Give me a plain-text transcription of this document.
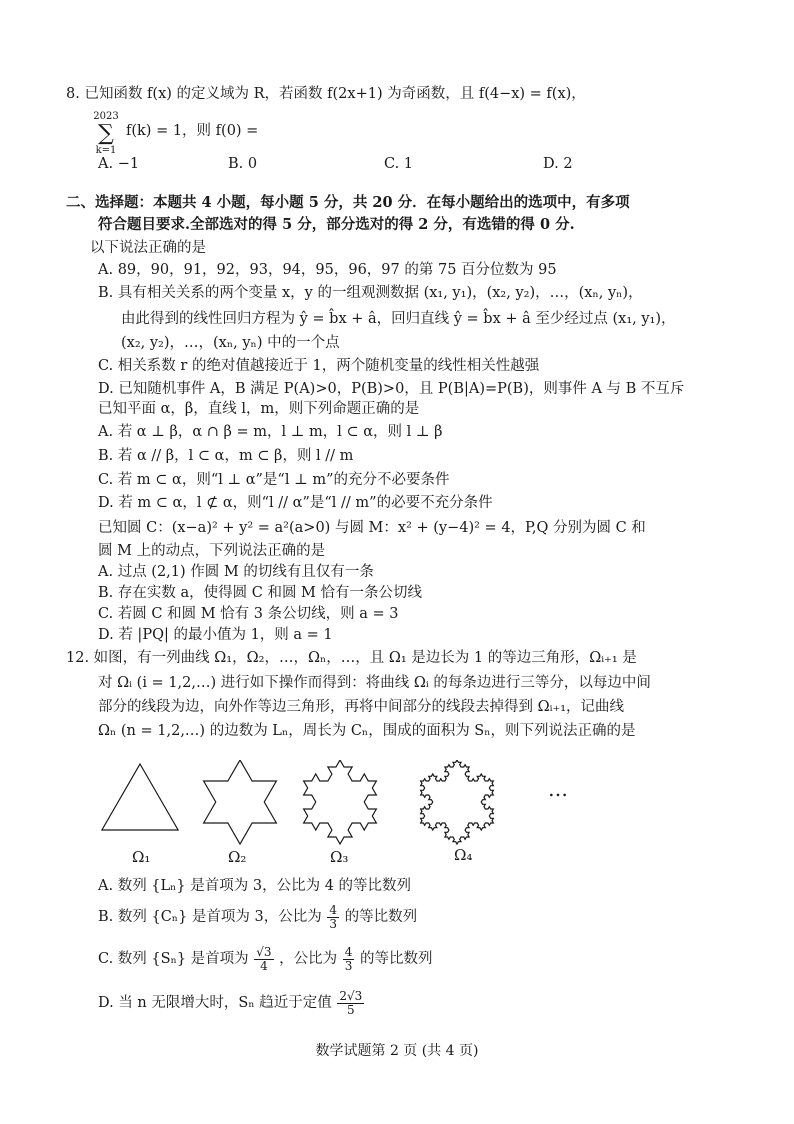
8. 已知函数 f(x) 的定义域为 R，若函数 f(2x+1) 为奇函数，且 f(4−x) = f(x)，
2023
∑
k=1
f(k) = 1，则 f(0) =
A. −1	B. 0	C. 1	D. 2
二、选择题：本题共 4 小题，每小题 5 分，共 20 分．在每小题给出的选项中，有多项
符合题目要求.全部选对的得 5 分，部分选对的得 2 分，有选错的得 0 分.
以下说法正确的是
A. 89，90，91，92，93，94，95，96，97 的第 75 百分位数为 95
B. 具有相关关系的两个变量 x，y 的一组观测数据 (x₁, y₁)，(x₂, y₂)，…，(xₙ, yₙ)，
由此得到的线性回归方程为 ŷ = b̂x + â，回归直线 ŷ = b̂x + â 至少经过点 (x₁, y₁)，
(x₂, y₂)，…，(xₙ, yₙ) 中的一个点
C. 相关系数 r 的绝对值越接近于 1，两个随机变量的线性相关性越强
D. 已知随机事件 A，B 满足 P(A)>0，P(B)>0，且 P(B|A)=P(B)，则事件 A 与 B 不互斥
已知平面 α，β，直线 l，m，则下列命题正确的是
A. 若 α ⊥ β，α ∩ β = m，l ⊥ m，l ⊂ α，则 l ⊥ β
B. 若 α // β，l ⊂ α，m ⊂ β，则 l // m
C. 若 m ⊂ α，则“l ⊥ α”是“l ⊥ m”的充分不必要条件
D. 若 m ⊂ α，l ⊄ α，则“l // α”是“l // m”的必要不充分条件
已知圆 C：(x−a)² + y² = a²(a>0) 与圆 M：x² + (y−4)² = 4，P,Q 分别为圆 C 和
圆 M 上的动点，下列说法正确的是
A. 过点 (2,1) 作圆 M 的切线有且仅有一条
B. 存在实数 a，使得圆 C 和圆 M 恰有一条公切线
C. 若圆 C 和圆 M 恰有 3 条公切线，则 a = 3
D. 若 |PQ| 的最小值为 1，则 a = 1
12. 如图，有一列曲线 Ω₁，Ω₂，…，Ωₙ，…，且 Ω₁ 是边长为 1 的等边三角形，Ωᵢ₊₁ 是
对 Ωᵢ (i = 1,2,…) 进行如下操作而得到：将曲线 Ωᵢ 的每条边进行三等分，以每边中间
部分的线段为边，向外作等边三角形，再将中间部分的线段去掉得到 Ωᵢ₊₁，记曲线
Ωₙ (n = 1,2,…) 的边数为 Lₙ，周长为 Cₙ，围成的面积为 Sₙ，则下列说法正确的是
Ω₁	Ω₂	Ω₃	Ω₄
…
A. 数列 {Lₙ} 是首项为 3，公比为 4 的等比数列
B. 数列 {Cₙ} 是首项为 3，公比为 $\frac{4}{3}$ 的等比数列
C. 数列 {Sₙ} 是首项为 $\frac{√3}{4}$ ，公比为 $\frac{4}{3}$ 的等比数列
D. 当 n 无限增大时，Sₙ 趋近于定值 $\frac{2√3}{5}$
数学试题第 2 页 (共 4 页)
